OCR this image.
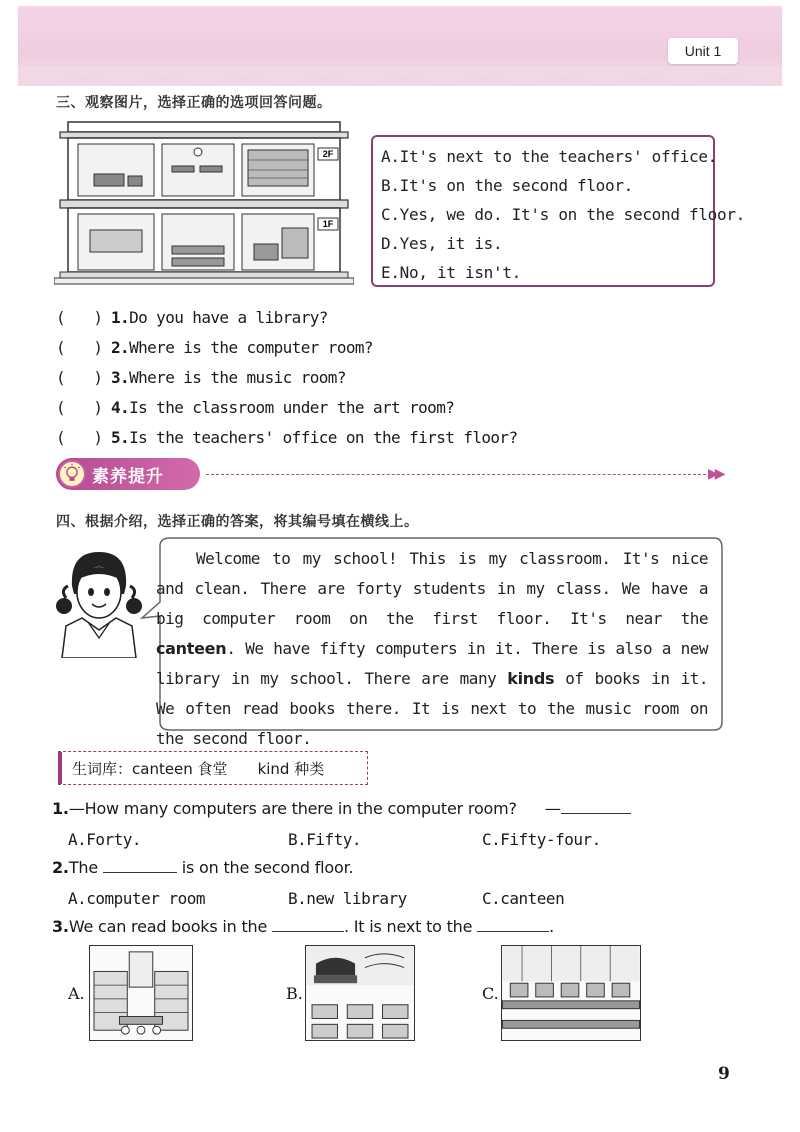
Unit 1
三、观察图片，选择正确的选项回答问题。
2F
1F
A.It's next to the teachers' office.
B.It's on the second floor.
C.Yes, we do. It's on the second floor.
D.Yes, it is.
E.No, it isn't.
( ) 1.Do you have a library?
( ) 2.Where is the computer room?
( ) 3.Where is the music room?
( ) 4.Is the classroom under the art room?
( ) 5.Is the teachers' office on the first floor?
素养提升	▶▶
四、根据介绍，选择正确的答案，将其编号填在横线上。
Welcome to my school! This is my classroom. It's nice and clean. There are forty students in my class. We have a big computer room on the first floor. It's near the canteen. We have fifty computers in it. There is also a new library in my school. There are many kinds of books in it. We often read books there. It is next to the music room on the second floor.
生词库：canteen 食堂 kind 种类
1.—How many computers are there in the computer room? —
A.Forty.	B.Fifty.	C.Fifty-four.
2.The	is on the second floor.
A.computer room	B.new library	C.canteen
3.We can read books in the	. It is next to the	.
A.	B.	C.
9
